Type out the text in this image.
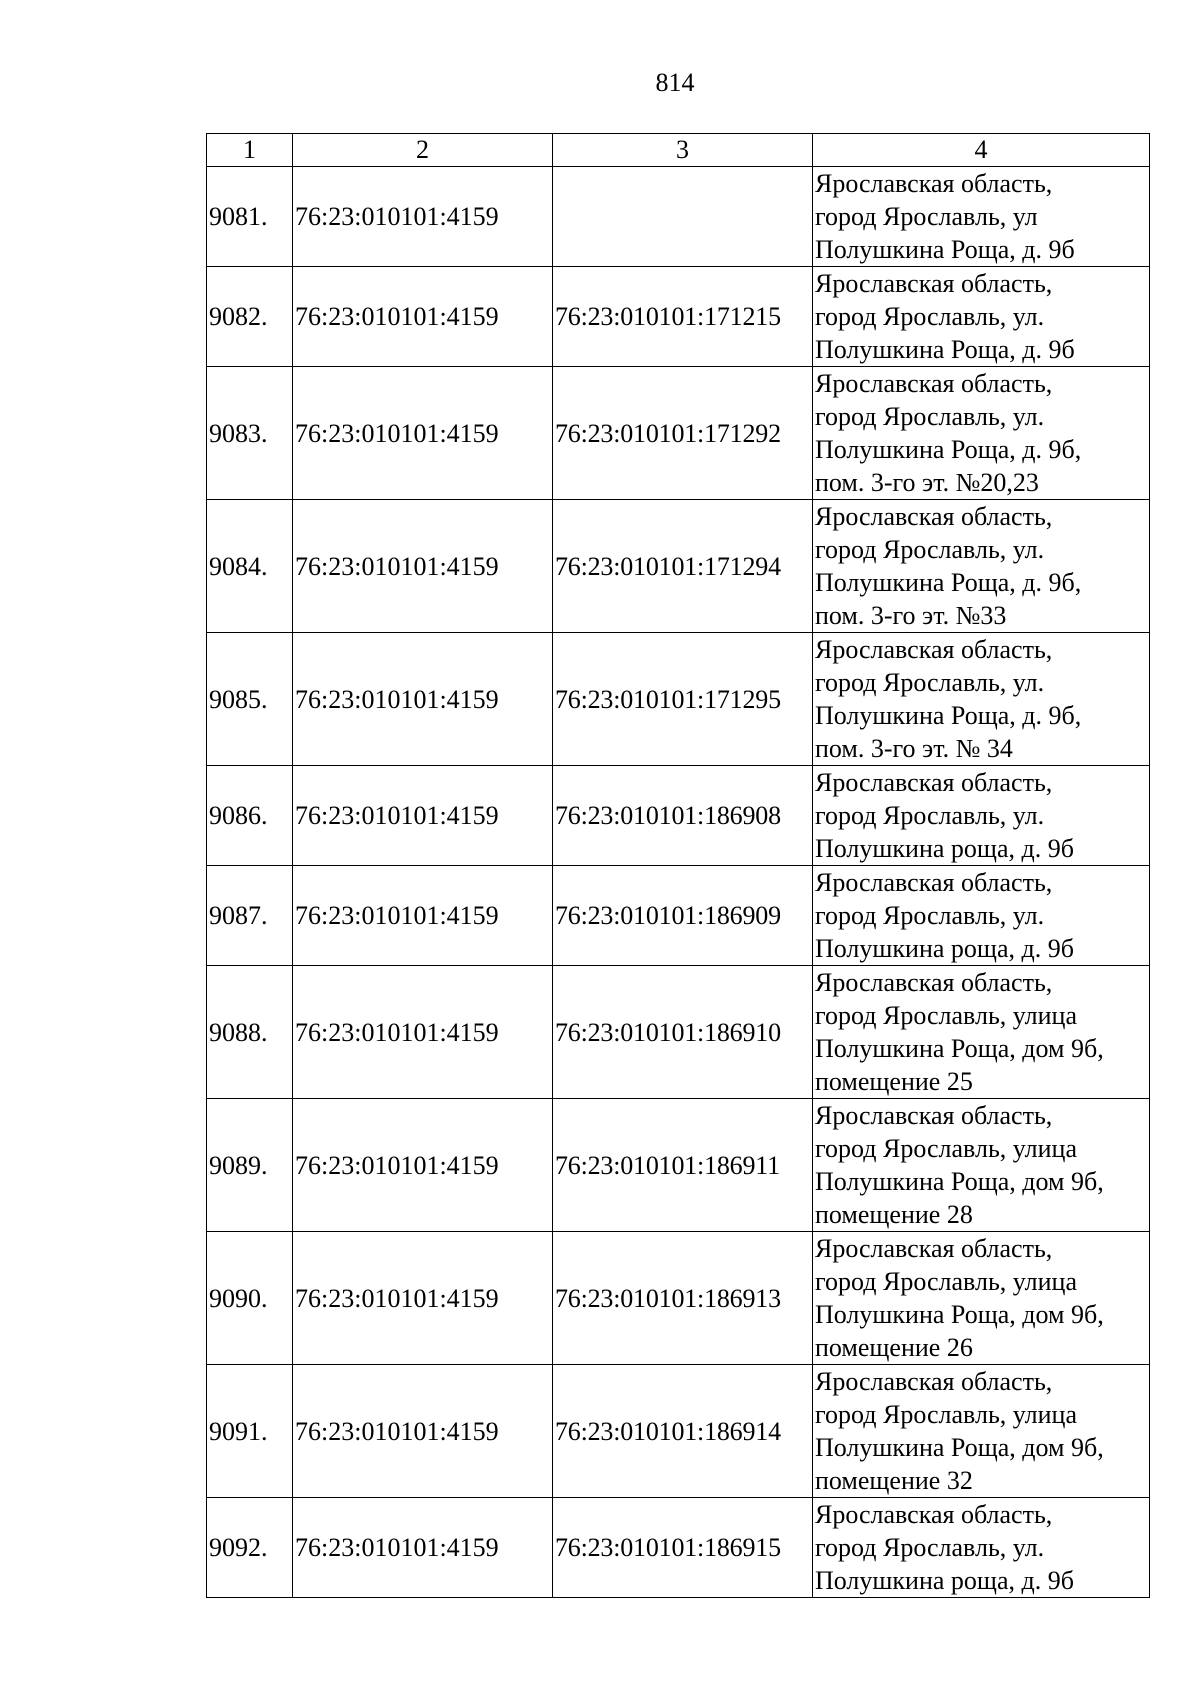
814
1	2	3	4
9081.	76:23:010101:4159		Ярославская область,
город Ярославль, ул
Полушкина Роща, д. 9б

9082.	76:23:010101:4159	76:23:010101:171215	Ярославская область,
город Ярославль, ул.
Полушкина Роща, д. 9б

9083.	76:23:010101:4159	76:23:010101:171292	Ярославская область,
город Ярославль, ул.
Полушкина Роща, д. 9б,
пом. 3-го эт. №20,23

9084.	76:23:010101:4159	76:23:010101:171294	Ярославская область,
город Ярославль, ул.
Полушкина Роща, д. 9б,
пом. 3-го эт. №33

9085.	76:23:010101:4159	76:23:010101:171295	Ярославская область,
город Ярославль, ул.
Полушкина Роща, д. 9б,
пом. 3-го эт. № 34

9086.	76:23:010101:4159	76:23:010101:186908	Ярославская область,
город Ярославль, ул.
Полушкина роща, д. 9б

9087.	76:23:010101:4159	76:23:010101:186909	Ярославская область,
город Ярославль, ул.
Полушкина роща, д. 9б

9088.	76:23:010101:4159	76:23:010101:186910	Ярославская область,
город Ярославль, улица
Полушкина Роща, дом 9б,
помещение 25

9089.	76:23:010101:4159	76:23:010101:186911	Ярославская область,
город Ярославль, улица
Полушкина Роща, дом 9б,
помещение 28

9090.	76:23:010101:4159	76:23:010101:186913	Ярославская область,
город Ярославль, улица
Полушкина Роща, дом 9б,
помещение 26

9091.	76:23:010101:4159	76:23:010101:186914	Ярославская область,
город Ярославль, улица
Полушкина Роща, дом 9б,
помещение 32

9092.	76:23:010101:4159	76:23:010101:186915	Ярославская область,
город Ярославль, ул.
Полушкина роща, д. 9б
